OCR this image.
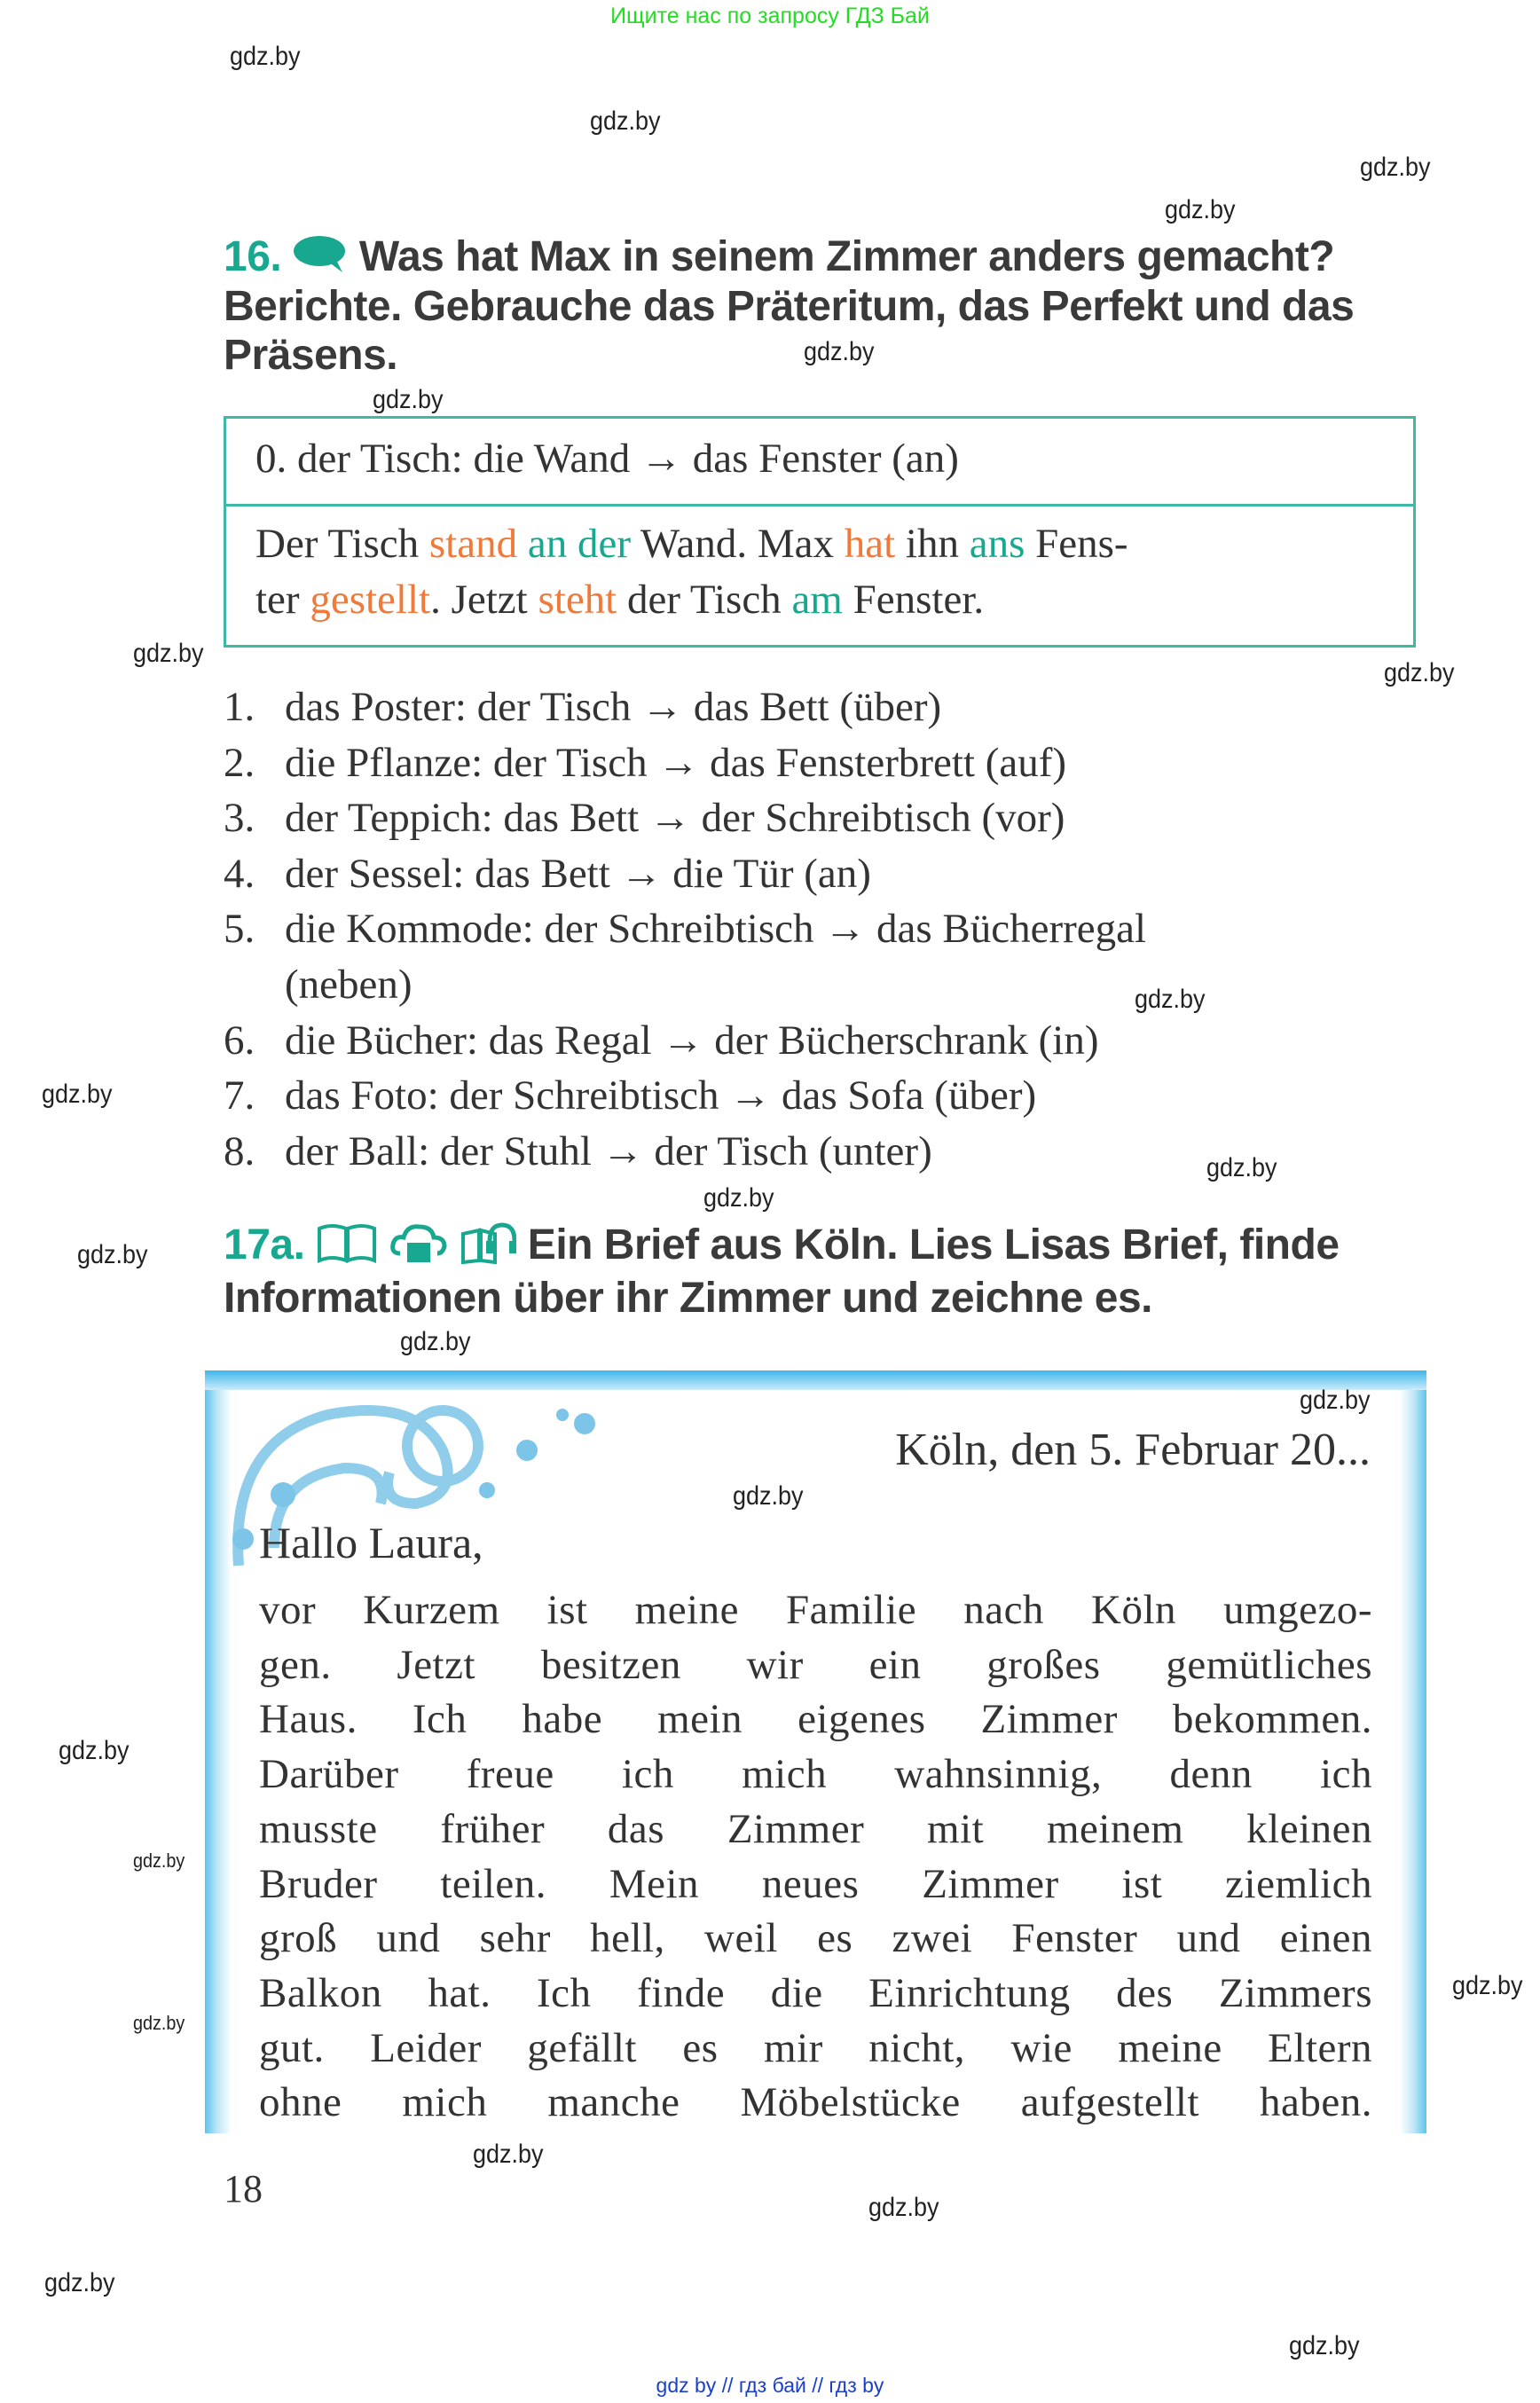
Ищите нас по запросу ГДЗ Бай
16. Was hat Max in seinem Zimmer anders gemacht?
Berichte. Gebrauche das Präteritum, das Perfekt und das
Präsens.
0. der Tisch: die Wand → das Fenster (an)
Der Tisch stand an der Wand. Max hat ihn ans Fens-
ter gestellt. Jetzt steht der Tisch am Fenster.
1. das Poster: der Tisch → das Bett (über)
2. die Pflanze: der Tisch → das Fensterbrett (auf)
3. der Teppich: das Bett → der Schreibtisch (vor)
4. der Sessel: das Bett → die Tür (an)
5. die Kommode: der Schreibtisch → das Bücherregal
(neben)
6. die Bücher: das Regal → der Bücherschrank (in)
7. das Foto: der Schreibtisch → das Sofa (über)
8. der Ball: der Stuhl → der Tisch (unter)
17a.	Ein Brief aus Köln. Lies Lisas Brief, finde
Informationen über ihr Zimmer und zeichne es.
Köln, den 5. Februar 20...
Hallo Laura,
vor Kurzem ist meine Familie nach Köln umgezo-
gen. Jetzt besitzen wir ein großes gemütliches
Haus. Ich habe mein eigenes Zimmer bekommen.
Darüber freue ich mich wahnsinnig, denn ich
musste früher das Zimmer mit meinem kleinen
Bruder teilen. Mein neues Zimmer ist ziemlich
groß und sehr hell, weil es zwei Fenster und einen
Balkon hat. Ich finde die Einrichtung des Zimmers
gut. Leider gefällt es mir nicht, wie meine Eltern
ohne mich manche Möbelstücke aufgestellt haben.
18
gdz by // гдз бай // гдз by
gdz.by
gdz.by
gdz.by
gdz.by
gdz.by
gdz.by
gdz.by
gdz.by
gdz.by
gdz.by
gdz.by
gdz.by
gdz.by
gdz.by
gdz.by
gdz.by
gdz.by
gdz.by
gdz.by
gdz.by
gdz.by
gdz.by
gdz.by
gdz.by
